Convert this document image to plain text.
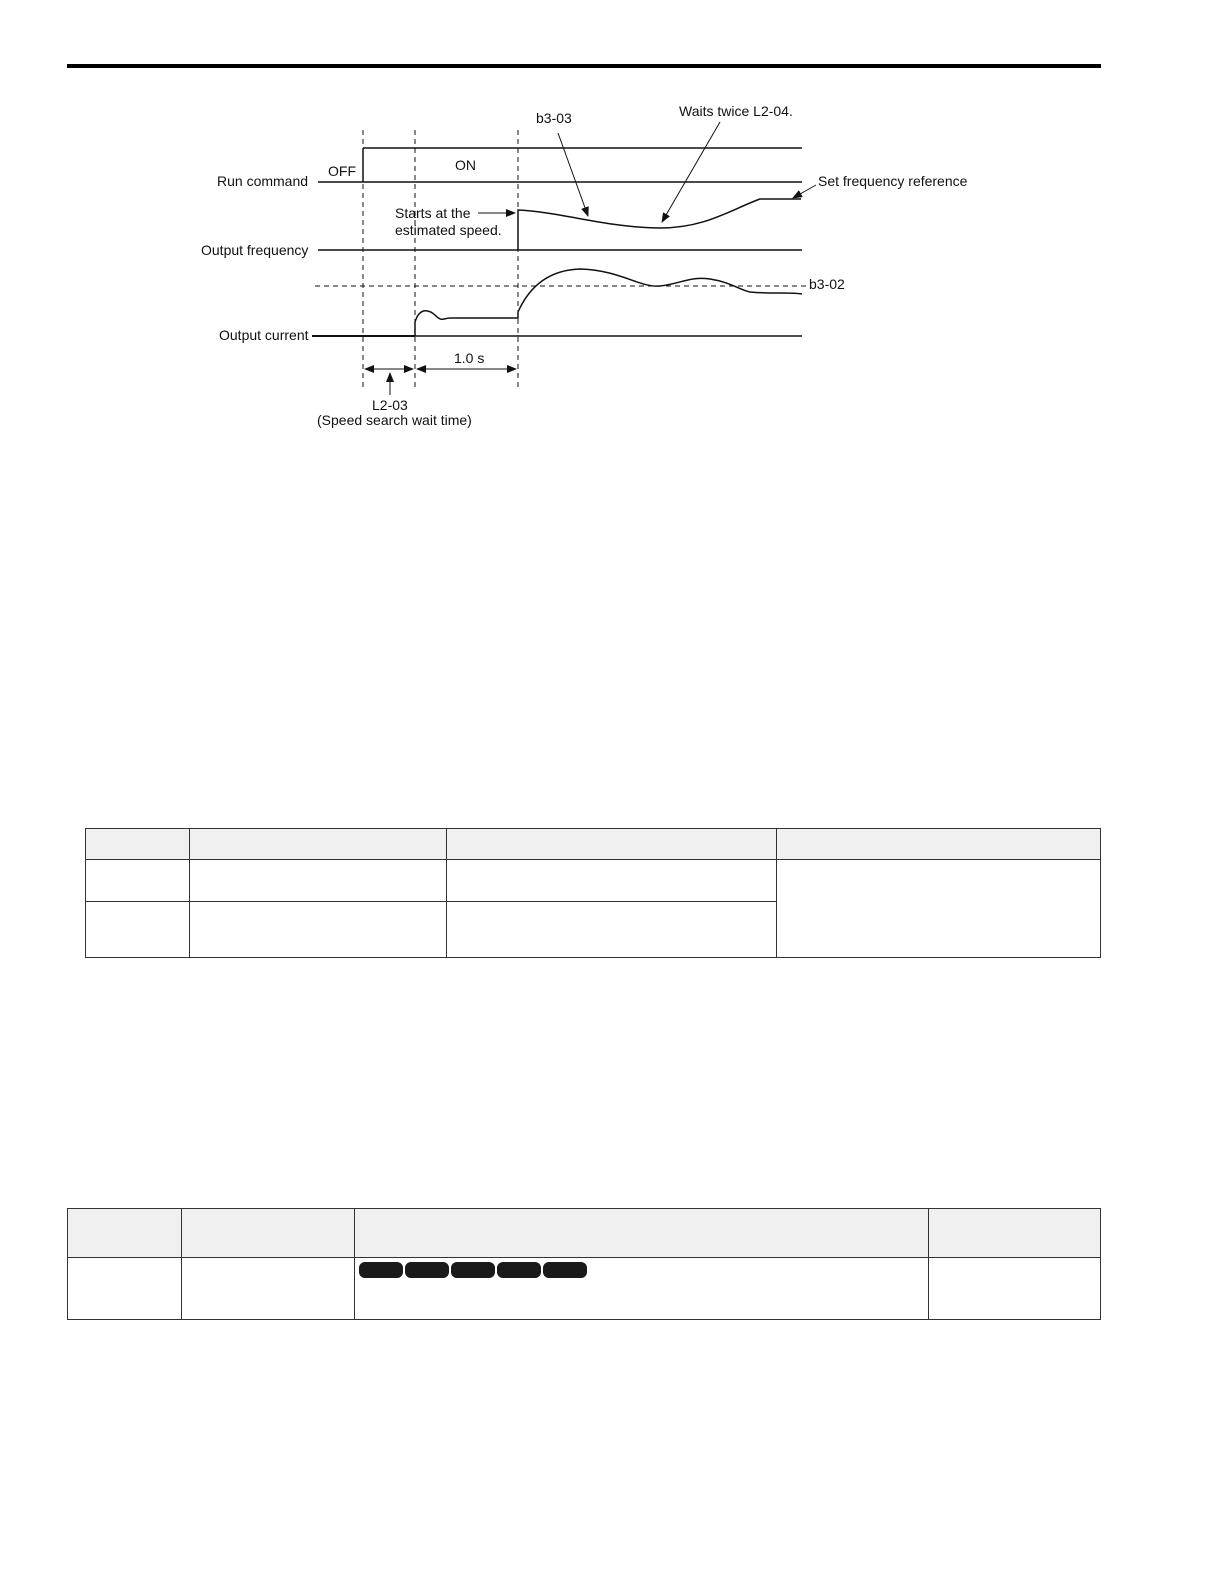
Run command
OFF	ON
Output frequency
Output current
Starts at the
estimated speed.
b3-03	Waits twice L2-04.
Set frequency reference
b3-02
1.0 s
L2-03
(Speed search wait time)
